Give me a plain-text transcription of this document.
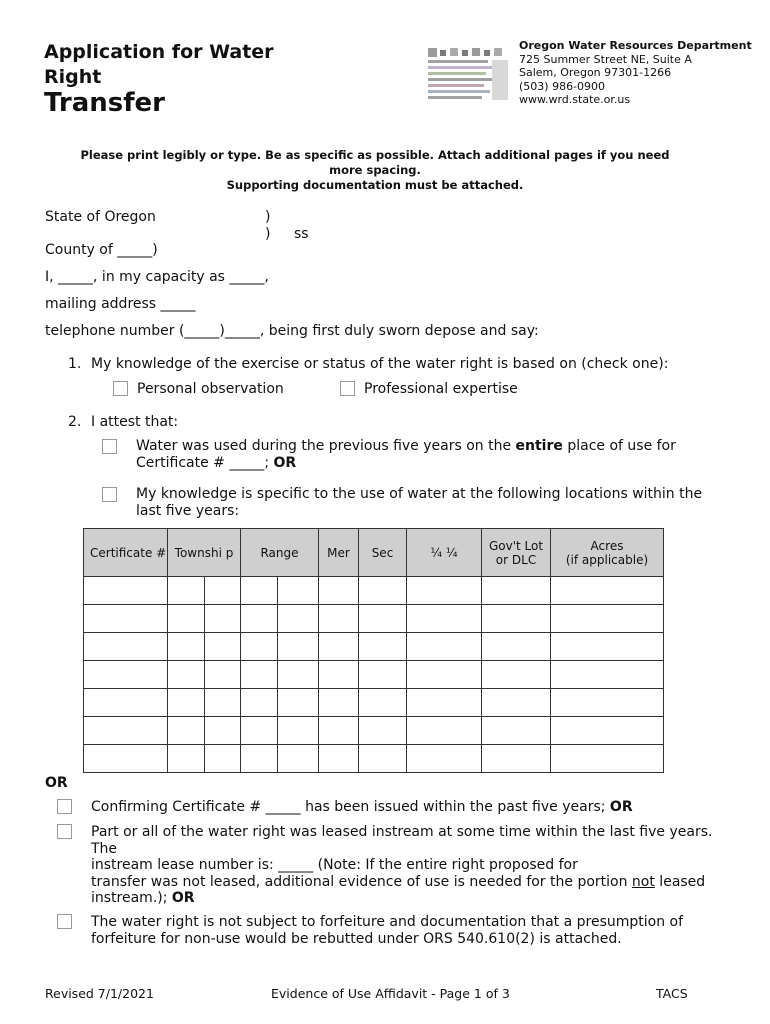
Application for Water Right
Transfer
Oregon Water Resources Department
725 Summer Street NE, Suite A
Salem, Oregon 97301-1266
(503) 986-0900
www.wrd.state.or.us
Please print legibly or type. Be as specific as possible. Attach additional pages if you need more spacing.
Supporting documentation must be attached.
State of Oregon	)
) ss
County of _____)
I, _____, in my capacity as _____,
mailing address _____
telephone number (_____)_____, being first duly sworn depose and say:
1. My knowledge of the exercise or status of the water right is based on (check one):
Personal observation	Professional expertise
2. I attest that:
Water was used during the previous five years on the entire place of use for
Certificate # _____; OR
My knowledge is specific to the use of water at the following locations within the
last five years:
Certificate #	Townshi p		Range		Mer	Sec	¼ ¼	Gov't Lot or DLC	Acres
(if applicable)

OR
Confirming Certificate # _____ has been issued within the past five years; OR
Part or all of the water right was leased instream at some time within the last five years.
The
instream lease number is: _____ (Note: If the entire right proposed for
transfer was not leased, additional evidence of use is needed for the portion not leased
instream.); OR
The water right is not subject to forfeiture and documentation that a presumption of
forfeiture for non-use would be rebutted under ORS 540.610(2) is attached.
Revised 7/1/2021	Evidence of Use Affidavit - Page 1 of 3	TACS
